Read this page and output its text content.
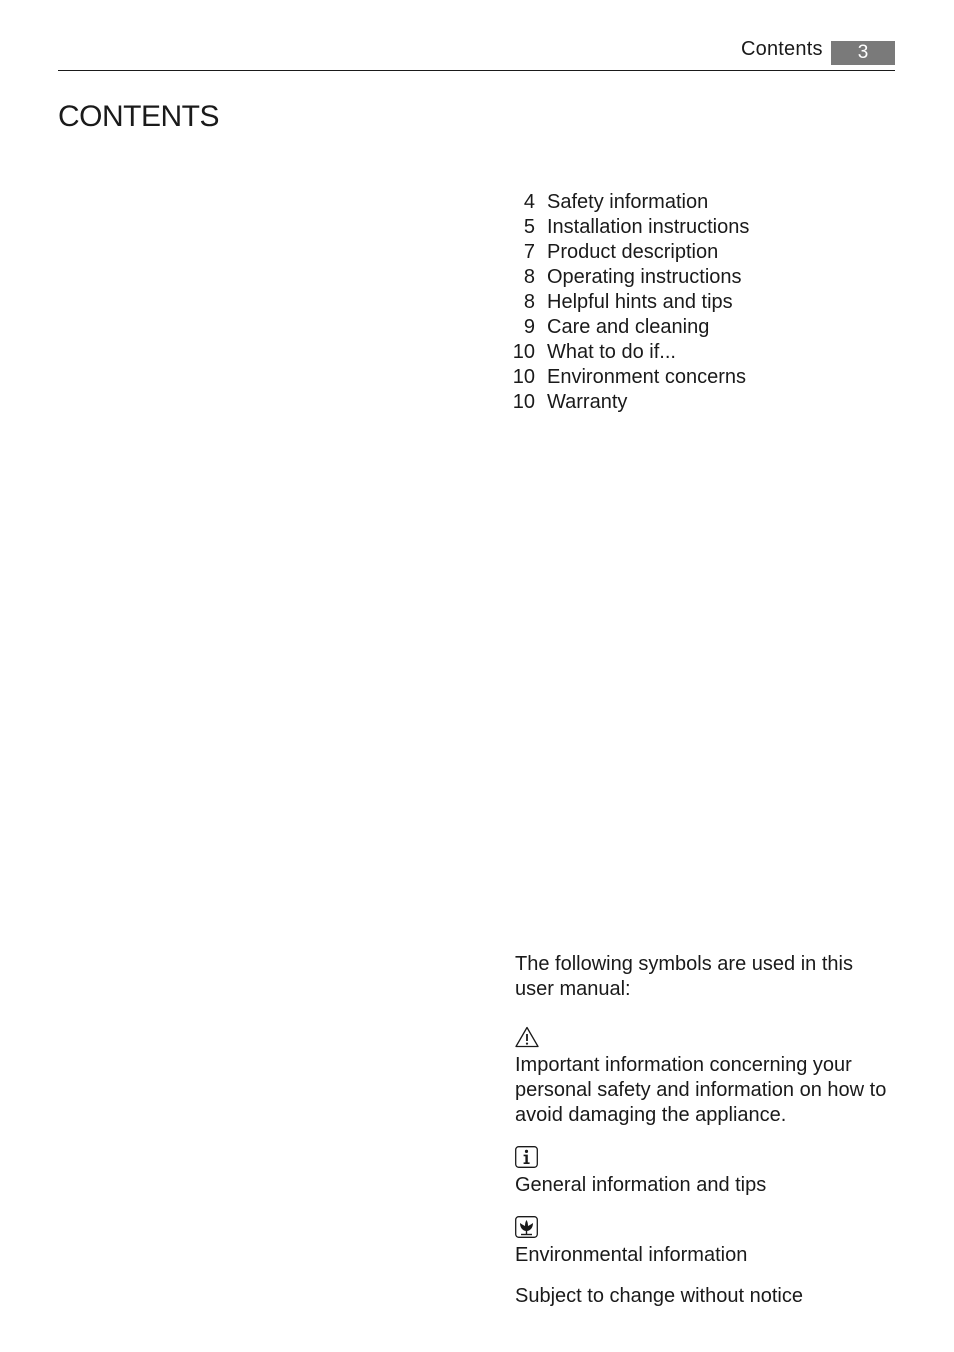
Contents	3
CONTENTS
4 Safety information
5 Installation instructions
7 Product description
8 Operating instructions
8 Helpful hints and tips
9 Care and cleaning
10 What to do if...
10 Environment concerns
10 Warranty

The following symbols are used in this user manual:

Important information concerning your personal safety and information on how to avoid damaging the appliance.

General information and tips

Environmental information

Subject to change without notice
